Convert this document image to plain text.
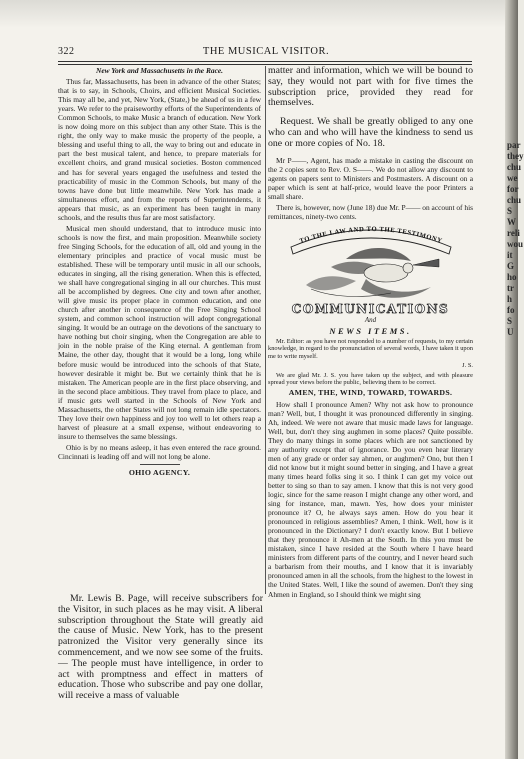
322	THE MUSICAL VISITOR.

New York and Massachusetts in the Race.

Thus far, Massachusetts, has been in advance of the other States; that is to say, in Schools, Choirs, and efficient Musical Societies. This may all be, and yet, New York, (State,) be ahead of us in a few years. We refer to the praiseworthy efforts of the Superintendents of Common Schools, to make Music a branch of education. New York is now doing more on this subject than any other State. This is the right, the only way to make music the property of the people, a blessing and useful thing to all, the way to bring out and educate in part the best musical talent, and hence, to prepare materials for excellent choirs, and grand musical societies. Boston commenced and has for several years engaged the usefulness and tested the practicability of music in the Common Schools, but many of the towns have done but little meanwhile. New York has made a simultaneous effort, and from the reports of Superintendents, it appears that music, as an experiment has been taught in many schools, and the results thus far are most satisfactory.

Musical men should understand, that to introduce music into schools is now the first, and main proposition. Meanwhile society free Singing Schools, for the education of all, old and young in the elementary principles and practice of vocal music must be established. These will be temporary until music in all our schools, educates in singing, all the rising generation. When this is effected, we shall have congregational singing in all our churches. This must all be accomplished by degrees. One city and town after another, will give music its proper place in common education, and one church after another in consequence of the Free Singing School system, and common school instruction will adopt congregational singing. It would be an outrage on the devotions of the sanctuary to have nothing but choir singing, when the Congregation are able to join in the noble praise of the King eternal. A gentleman from Maine, the other day, thought that it would be a long, long while before music would be introduced into the schools of that State, however desirable it might be. But we certainly think that he is mistaken. The American people are in the first place observing, and in the second place ambitious. They travel from place to place, and if music gets well started in the Schools of New York and Massachusetts, the other States will not long remain idle spectators. They love their own happiness and joy too well to let others reap a harvest of pleasure at a small expense, without endeavoring to insure to themselves the same blessings.

Ohio is by no means asleep, it has even entered the race ground. Cincinnati is leading off and will not long be alone.

OHIO AGENCY.

Mr. Lewis B. Page, will receive subscribers for the Visitor, in such places as he may visit. A liberal subscription throughout the State will greatly aid the cause of Music. New York, has to the present patronized the Visitor very generally since its commencement, and we now see some of the fruits.— The people must have intelligence, in order to act with promptness and effect in matters of education. Those who subscribe and pay one dollar, will receive a mass of valuable

matter and information, which we will be bound to say, they would not part with for five times the subscription price, provided they read for themselves.

Request. We shall be greatly obliged to any one who can and who will have the kindness to send us one or more copies of No. 18.

Mr P——, Agent, has made a mistake in casting the discount on the 2 copies sent to Rev. O. S——. We do not allow any discount to agents on papers sent to Ministers and Postmasters. A discount on a paper which is sent at half-price, would leave the poor Printers a small share.

There is, however, now (June 18) due Mr. P—— on account of his remittances, ninety-two cents.

TO THE LAW AND TO THE TESTIMONY

COMMUNICATIONS

And

NEWS ITEMS.

Mr. Editor: as you have not responded to a number of requests, to my certain knowledge, in regard to the pronunciation of several words, I have taken it upon me to write myself.

J. S.

We are glad Mr. J. S. you have taken up the subject, and with pleasure spread your views before the public, believing them to be correct.

AMEN, THE, WIND, TOWARD, TOWARDS.

How shall I pronounce Amen? Why not ask how to pronounce man? Well, but, I thought it was pronounced differently in singing. Ah, indeed. We were not aware that music made laws for language. Well, but, don't they sing aughmen in some places? Quite possible. They do many things in some places which are not sanctioned by any authority except that of ignorance. Do you even hear literary men of any grade or order say ahmen, or aughmen? Ono, but then I did not know but it might sound better in singing, and I have a great many times heard folks sing it so. I think I can get my voice out better to sing so than to say amen. I know that this is not very good logic, since for the same reason I might change any other word, and sing for instance, man, mawn. Yes, how does your minister pronounce it? O, he always says amen. How do you hear it pronounced in religious assemblies? Amen, I think. Well, how is it pronounced in the Dictionary? I don't exactly know. But I believe that they pronounce it Ah-men at the South. In this you must be mistaken, since I have resided at the South where I have heard ministers from different parts of the country, and I never heard such a barbarism from their mouths, and I know that it is invariably pronounced amen in all the schools, from the highest to the lowest in the United States. Well, I like the sound of awemen. Don't they sing Ahmen in England, so I should think we might sing

par
they
chu
we
for
chu
S
W
reli
wou
it
G
ho
tr
h
fo
S
U
